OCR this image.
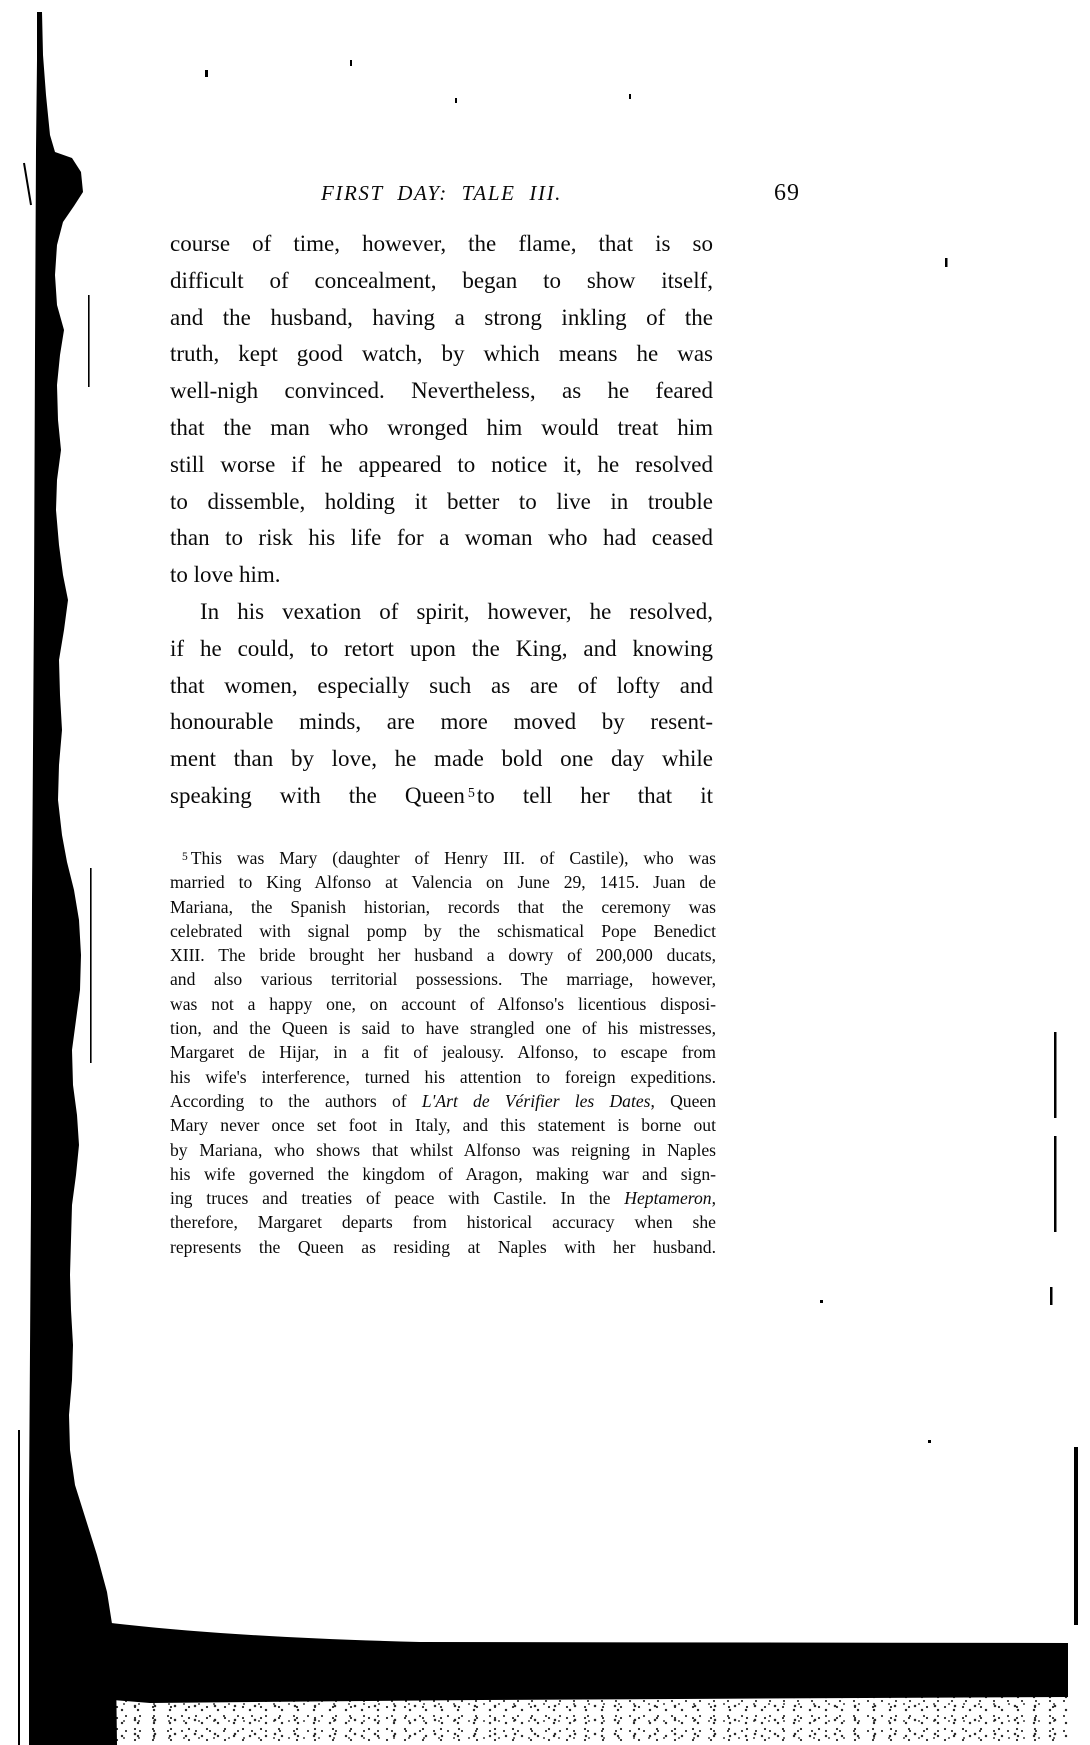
FIRST DAY: TALE III.	69
course of time, however, the flame, that is so
difficult of concealment, began to show itself,
and the husband, having a strong inkling of the
truth, kept good watch, by which means he was
well-nigh convinced. Nevertheless, as he feared
that the man who wronged him would treat him
still worse if he appeared to notice it, he resolved
to dissemble, holding it better to live in trouble
than to risk his life for a woman who had ceased
to love him.
In his vexation of spirit, however, he resolved,
if he could, to retort upon the King, and knowing
that women, especially such as are of lofty and
honourable minds, are more moved by resent-
ment than by love, he made bold one day while
speaking with the Queen $^5$to tell her that it
$^5$ This was Mary (daughter of Henry III. of Castile), who was
married to King Alfonso at Valencia on June 29, 1415. Juan de
Mariana, the Spanish historian, records that the ceremony was
celebrated with signal pomp by the schismatical Pope Benedict
XIII. The bride brought her husband a dowry of 200,000 ducats,
and also various territorial possessions. The marriage, however,
was not a happy one, on account of Alfonso's licentious disposi-
tion, and the Queen is said to have strangled one of his mistresses,
Margaret de Hijar, in a fit of jealousy. Alfonso, to escape from
his wife's interference, turned his attention to foreign expeditions.
According to the authors of L'Art de Vérifier les Dates, Queen
Mary never once set foot in Italy, and this statement is borne out
by Mariana, who shows that whilst Alfonso was reigning in Naples
his wife governed the kingdom of Aragon, making war and sign-
ing truces and treaties of peace with Castile. In the Heptameron,
therefore, Margaret departs from historical accuracy when she
represents the Queen as residing at Naples with her husband.
